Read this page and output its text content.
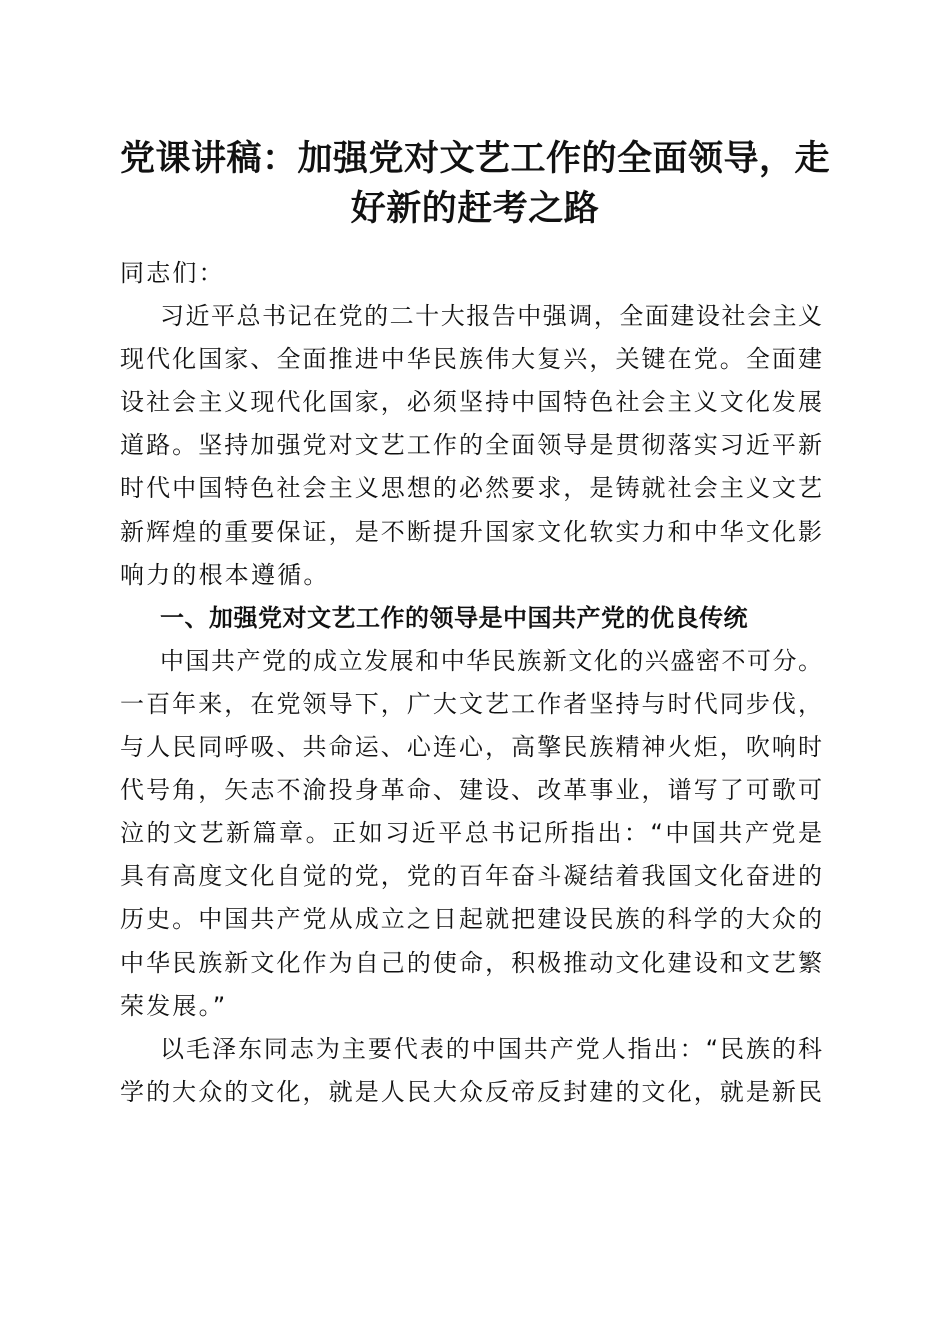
党课讲稿：加强党对文艺工作的全面领导，走
好新的赶考之路
同志们：
习近平总书记在党的二十大报告中强调，全面建设社会主义
现代化国家、全面推进中华民族伟大复兴，关键在党。全面建
设社会主义现代化国家，必须坚持中国特色社会主义文化发展
道路。坚持加强党对文艺工作的全面领导是贯彻落实习近平新
时代中国特色社会主义思想的必然要求，是铸就社会主义文艺
新辉煌的重要保证，是不断提升国家文化软实力和中华文化影
响力的根本遵循。
一、加强党对文艺工作的领导是中国共产党的优良传统
中国共产党的成立发展和中华民族新文化的兴盛密不可分。
一百年来，在党领导下，广大文艺工作者坚持与时代同步伐，
与人民同呼吸、共命运、心连心，高擎民族精神火炬，吹响时
代号角，矢志不渝投身革命、建设、改革事业，谱写了可歌可
泣的文艺新篇章。正如习近平总书记所指出：“中国共产党是
具有高度文化自觉的党，党的百年奋斗凝结着我国文化奋进的
历史。中国共产党从成立之日起就把建设民族的科学的大众的
中华民族新文化作为自己的使命，积极推动文化建设和文艺繁
荣发展。”
以毛泽东同志为主要代表的中国共产党人指出：“民族的科
学的大众的文化，就是人民大众反帝反封建的文化，就是新民
